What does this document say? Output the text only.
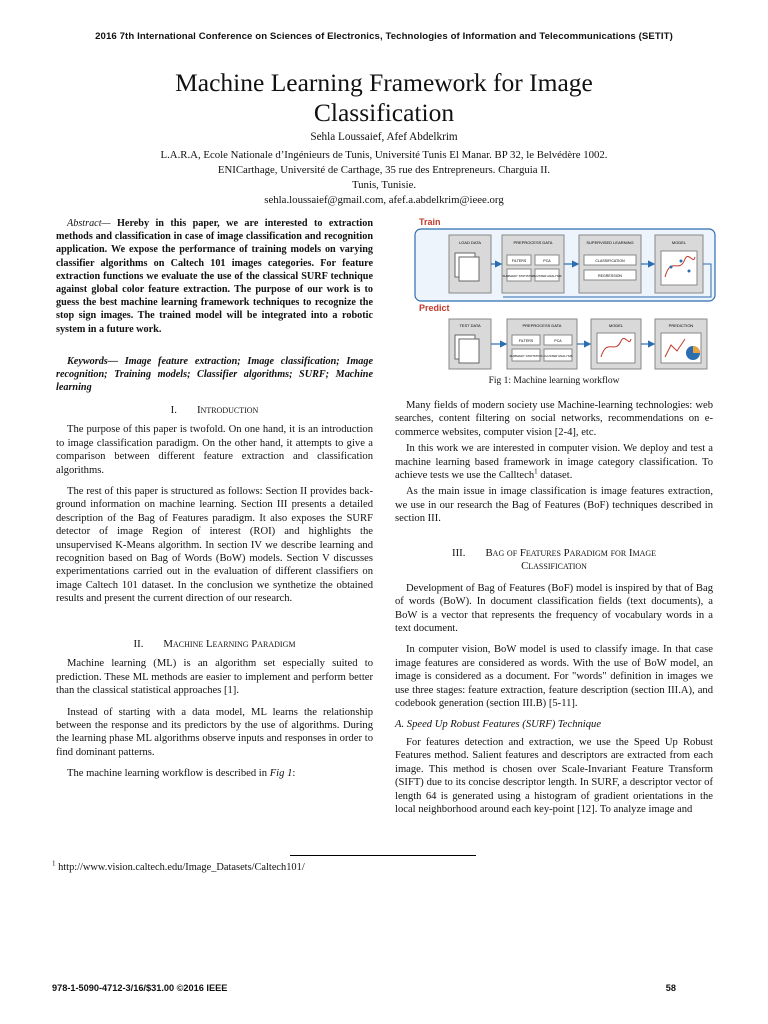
2016 7th International Conference on Sciences of Electronics, Technologies of Information and Telecommunications (SETIT)
Machine Learning Framework for Image
Classification
Sehla Loussaief, Afef Abdelkrim
L.A.R.A, Ecole Nationale d’Ingénieurs de Tunis, Université Tunis El Manar. BP 32, le Belvédère 1002.
ENICarthage, Université de Carthage, 35 rue des Entrepreneurs. Charguia II.
Tunis, Tunisie.
sehla.loussaief@gmail.com, afef.a.abdelkrim@ieee.org

Abstract— Hereby in this paper, we are interested to extraction methods and classification in case of image classification and recognition application. We expose the performance of training models on varying classifier algorithms on Caltech 101 images categories. For feature extraction functions we evaluate the use of the classical SURF technique against global color feature extraction. The purpose of our work is to guess the best machine learning framework techniques to recognize the stop sign images. The trained model will be integrated into a robotic system in a future work.

Keywords— Image feature extraction; Image classification; Image recognition; Training models; Classifier algorithms; SURF; Machine learning

I. Introduction

The purpose of this paper is twofold. On one hand, it is an introduction to image classification paradigm. On the other hand, it attempts to give a comparison between different feature extraction and classification algorithms.

The rest of this paper is structured as follows: Section II provides back-ground information on machine learning. Section III presents a detailed description of the Bag of Features paradigm. It also exposes the SURF detector of image Region of interest (ROI) and highlights the unsupervised K-Means algorithm. In section IV we describe learning and recognition based on Bag of Words (BoW) models. Section V discusses experimentations carried out in the evaluation of different classifiers on image Caltech 101 dataset. In the conclusion we synthetize the obtained results and present the current direction of our research.

II. Machine Learning Paradigm

Machine learning (ML) is an algorithm set especially suited to prediction. These ML methods are easier to implement and perform better than the classical statistical approaches [1].

Instead of starting with a data model, ML learns the relationship between the response and its predictors by the use of algorithms. During the learning phase ML algorithms observe inputs and responses in order to find dominant patterns.

The machine learning workflow is described in Fig 1:

Train
LOAD DATA	PREPROCESS DATA
FILTERS	PCA
SUMMARY STATISTICS
CLUSTER ANALYSIS
SUPERVISED LEARNING
CLASSIFICATION
REGRESSION
MODEL
Predict
TEST DATA	PREPROCESS DATA
FILTERS	PCA
SUMMARY STATISTICS CLUSTER ANALYSIS
MODEL	PREDICTION
Fig 1: Machine learning workflow

Many fields of modern society use Machine-learning technologies: web searches, content filtering on social networks, recommendations on e-commerce websites, computer vision [2-4], etc.

In this work we are interested in computer vision. We deploy and test a machine learning based framework in image category classification. To achieve tests we use the Calltech$^1$ dataset.

As the main issue in image classification is image features extraction, we use in our research the Bag of Features (BoF) techniques described in section III.

III. Bag of Features Paradigm for Image
Classification

Development of Bag of Features (BoF) model is inspired by that of Bag of words (BoW). In document classification fields (text documents), a BoW is a vector that represents the frequency of vocabulary words in a text document.

In computer vision, BoW model is used to classify image. In that case image features are considered as words. With the use of BoW model, an image is considered as a document. For "words" definition in images we use three stages: feature extraction, feature description (section III.A), and codebook generation (section III.B) [5-11].

A. Speed Up Robust Features (SURF) Technique

For features detection and extraction, we use the Speed Up Robust Features method. Salient features and descriptors are extracted from each image. This method is chosen over Scale-Invariant Feature Transform (SIFT) due to its concise descriptor length. In SURF, a descriptor vector of length 64 is generated using a histogram of gradient orientations in the local neighborhood around each key-point [12]. To analyze image and

$^1$ http://www.vision.caltech.edu/Image_Datasets/Caltech101/
978-1-5090-4712-3/16/$31.00 ©2016 IEEE	58
